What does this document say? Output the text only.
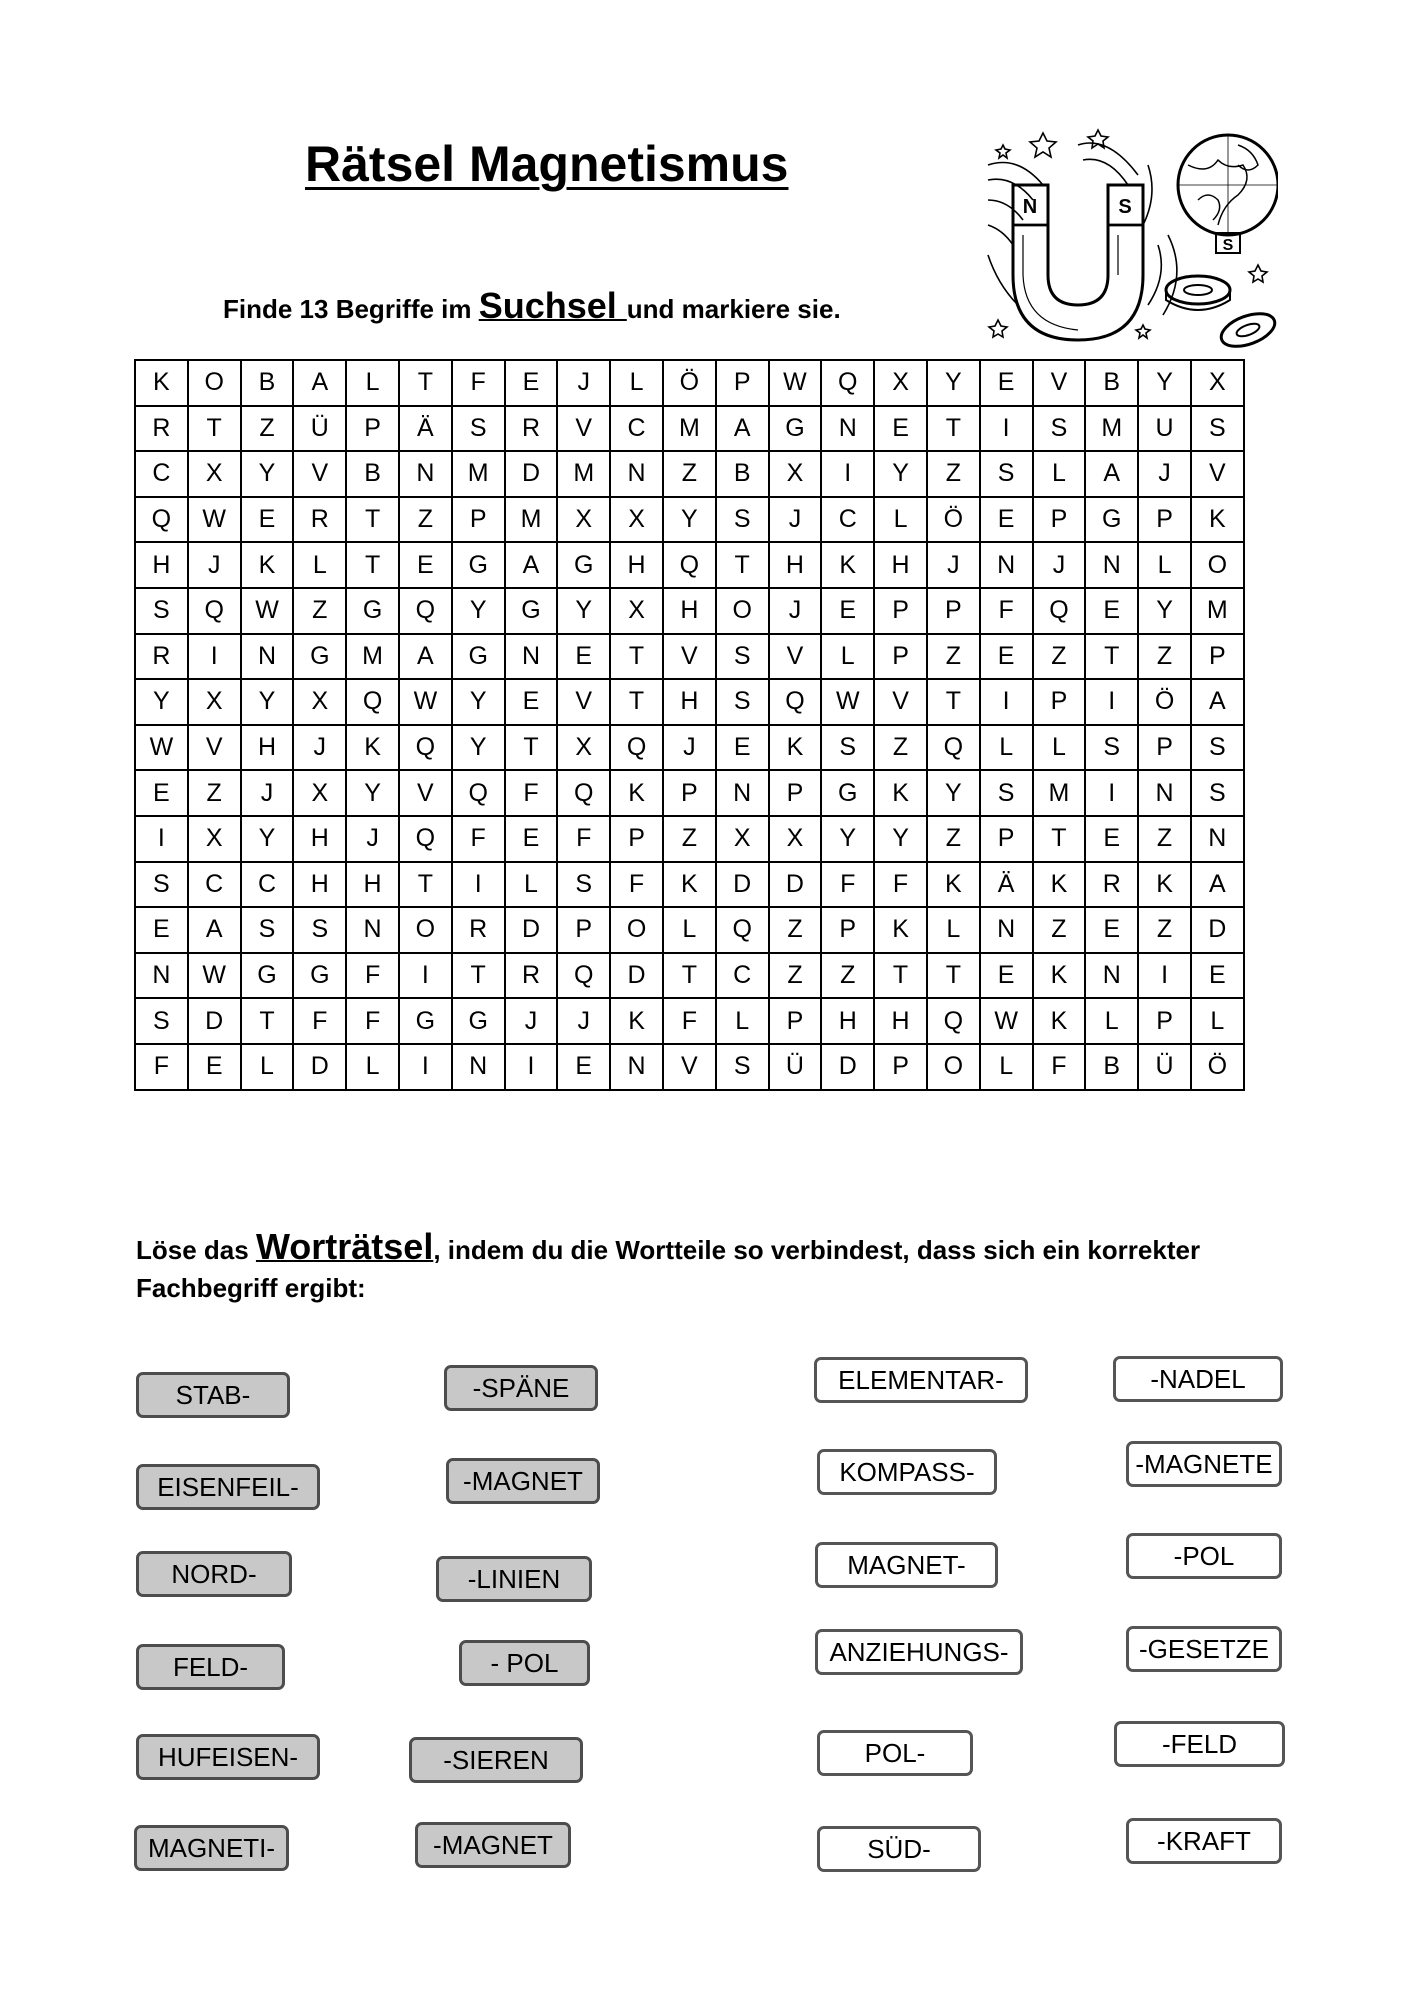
Rätsel Magnetismus
Finde 13 Begriffe im Suchsel und markiere sie.
N	S
S
K	O	B	A	L	T	F	E	J	L	Ö	P	W	Q	X	Y	E	V	B	Y	X
R	T	Z	Ü	P	Ä	S	R	V	C	M	A	G	N	E	T	I	S	M	U	S
C	X	Y	V	B	N	M	D	M	N	Z	B	X	I	Y	Z	S	L	A	J	V
Q	W	E	R	T	Z	P	M	X	X	Y	S	J	C	L	Ö	E	P	G	P	K
H	J	K	L	T	E	G	A	G	H	Q	T	H	K	H	J	N	J	N	L	O
S	Q	W	Z	G	Q	Y	G	Y	X	H	O	J	E	P	P	F	Q	E	Y	M
R	I	N	G	M	A	G	N	E	T	V	S	V	L	P	Z	E	Z	T	Z	P
Y	X	Y	X	Q	W	Y	E	V	T	H	S	Q	W	V	T	I	P	I	Ö	A
W	V	H	J	K	Q	Y	T	X	Q	J	E	K	S	Z	Q	L	L	S	P	S
E	Z	J	X	Y	V	Q	F	Q	K	P	N	P	G	K	Y	S	M	I	N	S
I	X	Y	H	J	Q	F	E	F	P	Z	X	X	Y	Y	Z	P	T	E	Z	N
S	C	C	H	H	T	I	L	S	F	K	D	D	F	F	K	Ä	K	R	K	A
E	A	S	S	N	O	R	D	P	O	L	Q	Z	P	K	L	N	Z	E	Z	D
N	W	G	G	F	I	T	R	Q	D	T	C	Z	Z	T	T	E	K	N	I	E
S	D	T	F	F	G	G	J	J	K	F	L	P	H	H	Q	W	K	L	P	L
F	E	L	D	L	I	N	I	E	N	V	S	Ü	D	P	O	L	F	B	Ü	Ö
Löse das Worträtsel, indem du die Wortteile so verbindest, dass sich ein korrekter Fachbegriff ergibt:
STAB-	-SPÄNE
EISENFEIL-	-MAGNET
NORD-	-LINIEN
FELD-	- POL
HUFEISEN-	-SIEREN
MAGNETI-	-MAGNET
ELEMENTAR-	-NADEL
KOMPASS-	-MAGNETE
MAGNET-	-POL
ANZIEHUNGS-	-GESETZE
POL-	-FELD
SÜD-	-KRAFT
